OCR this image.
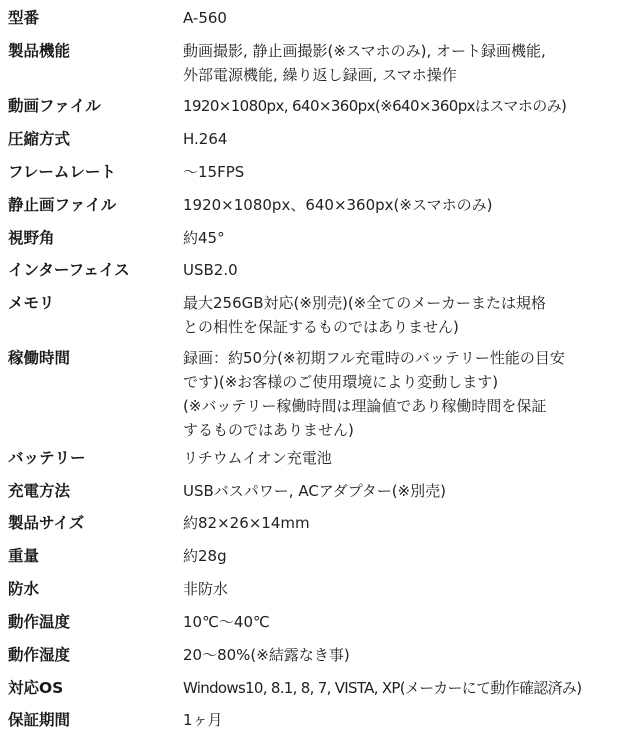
型番	A-560
製品機能	動画撮影, 静止画撮影(※スマホのみ), オート録画機能,
外部電源機能, 繰り返し録画, スマホ操作
動画ファイル	1920×1080px, 640×360px(※640×360pxはスマホのみ)
圧縮方式	H.264
フレームレート	〜15FPS
静止画ファイル	1920×1080px、640×360px(※スマホのみ)
視野角	約45°
インターフェイス	USB2.0
メモリ	最大256GB対応(※別売)(※全てのメーカーまたは規格
との相性を保証するものではありません)
稼働時間	録画：約50分(※初期フル充電時のバッテリー性能の目安
です)(※お客様のご使用環境により変動します)
(※バッテリー稼働時間は理論値であり稼働時間を保証
するものではありません)
バッテリー	リチウムイオン充電池
充電方法	USBバスパワー, ACアダプター(※別売)
製品サイズ	約82×26×14mm
重量	約28g
防水	非防水
動作温度	10℃〜40℃
動作湿度	20〜80%(※結露なき事)
対応OS	Windows10, 8.1, 8, 7, VISTA, XP(メーカーにて動作確認済み)
保証期間	1ヶ月
